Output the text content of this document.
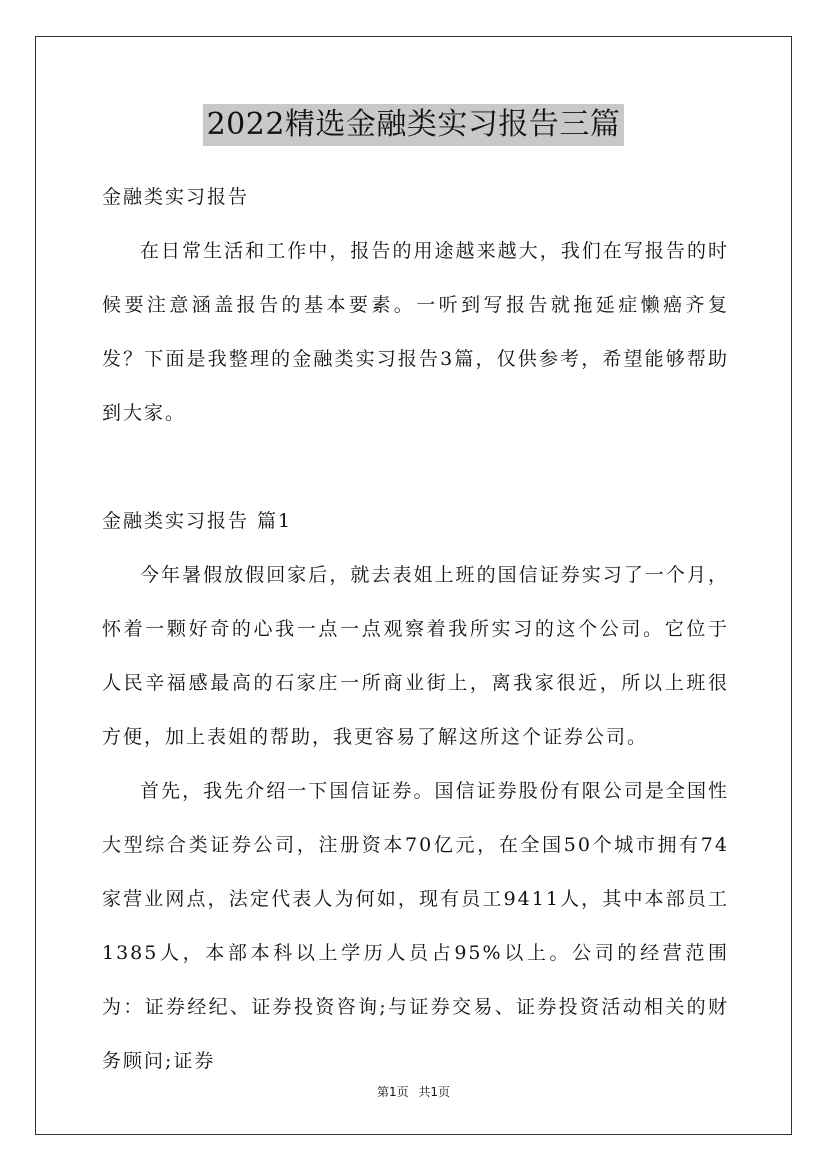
2022精选金融类实习报告三篇

金融类实习报告

在日常生活和工作中，报告的用途越来越大，我们在写报告的时候要注意涵盖报告的基本要素。一听到写报告就拖延症懒癌齐复发？下面是我整理的金融类实习报告3篇，仅供参考，希望能够帮助到大家。

金融类实习报告 篇1

今年暑假放假回家后，就去表姐上班的国信证券实习了一个月，怀着一颗好奇的心我一点一点观察着我所实习的这个公司。它位于人民辛福感最高的石家庄一所商业街上，离我家很近，所以上班很方便，加上表姐的帮助，我更容易了解这所这个证券公司。

首先，我先介绍一下国信证券。国信证券股份有限公司是全国性大型综合类证券公司，注册资本70亿元，在全国50个城市拥有74家营业网点，法定代表人为何如，现有员工9411人，其中本部员工1385人，本部本科以上学历人员占95%以上。公司的经营范围为：证券经纪、证券投资咨询;与证券交易、证券投资活动相关的财务顾问;证券

第1页 共1页
